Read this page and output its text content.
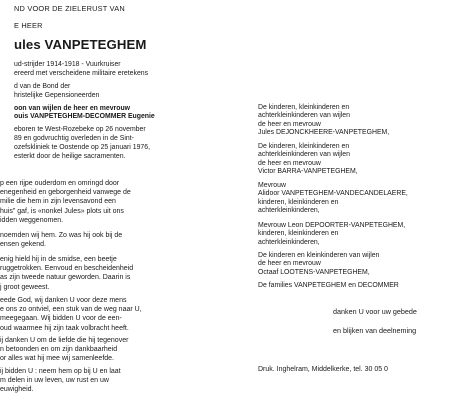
ND VOOR DE ZIELERUST VAN
E HEER
ules VANPETEGHEM
ud-strijder 1914-1918 - Vuurkruiser
ereerd met verscheidene militaire eretekens
d van de Bond der
hristelijke Gepensioneerden
oon van wijlen de heer en mevrouw
ouis VANPETEGHEM-DECOMMER Eugenie
eboren te West-Rozebeke op 26 november
89 en godvruchtig overleden in de Sint-
ozefskliniek te Oostende op 25 januari 1976,
esterkt door de heilige sacramenten.
p een rijpe ouderdom en omringd door
enegenheid en geborgenheid vanwege de
milie die hem in zijn levensavond een
huis" gaf, is «nonkel Jules» plots uit ons
idden weggenomen.
noemden wij hem. Zo was hij ook bij de
ensen gekend.
enig hield hij in de smidse, een beetje
ruggetrokken. Eenvoud en bescheidenheid
as zijn tweede natuur geworden. Daarin is
j groot geweest.
eede God, wij danken U voor deze mens
e ons zo ontviel, een stuk van de weg naar U,
meegegaan. Wij bidden U voor de een-
oud waarmee hij zijn taak volbracht heeft.
ij danken U om de liefde die hij tegenover
n betoonden en om zijn dankbaarheid
or alles wat hij mee wij samenleefde.
ij bidden U : neem hem op bij U en laat
m delen in uw leven, uw rust en uw
euwigheid.
De kinderen, kleinkinderen en
achterkleinkinderen van wijlen
de heer en mevrouw
Jules DEJONCKHEERE-VANPETEGHEM,
De kinderen, kleinkinderen en
achterkleinkinderen van wijlen
de heer en mevrouw
Victor BARRA-VANPETEGHEM,
Mevrouw
Alidoor VANPETEGHEM-VANDECANDELAERE,
kinderen, kleinkinderen en
achterkleinkinderen,
Mevrouw Leon DEPOORTER-VANPETEGHEM,
kinderen, kleinkinderen en
achterkleinkinderen,
De kinderen en kleinkinderen van wijlen
de heer en mevrouw
Octaaf LOOTENS-VANPETEGHEM,
De families VANPETEGHEM en DECOMMER
danken U voor uw gebede
en blijken van deelneming
Druk. Inghelram, Middelkerke, tel. 30 05 0
